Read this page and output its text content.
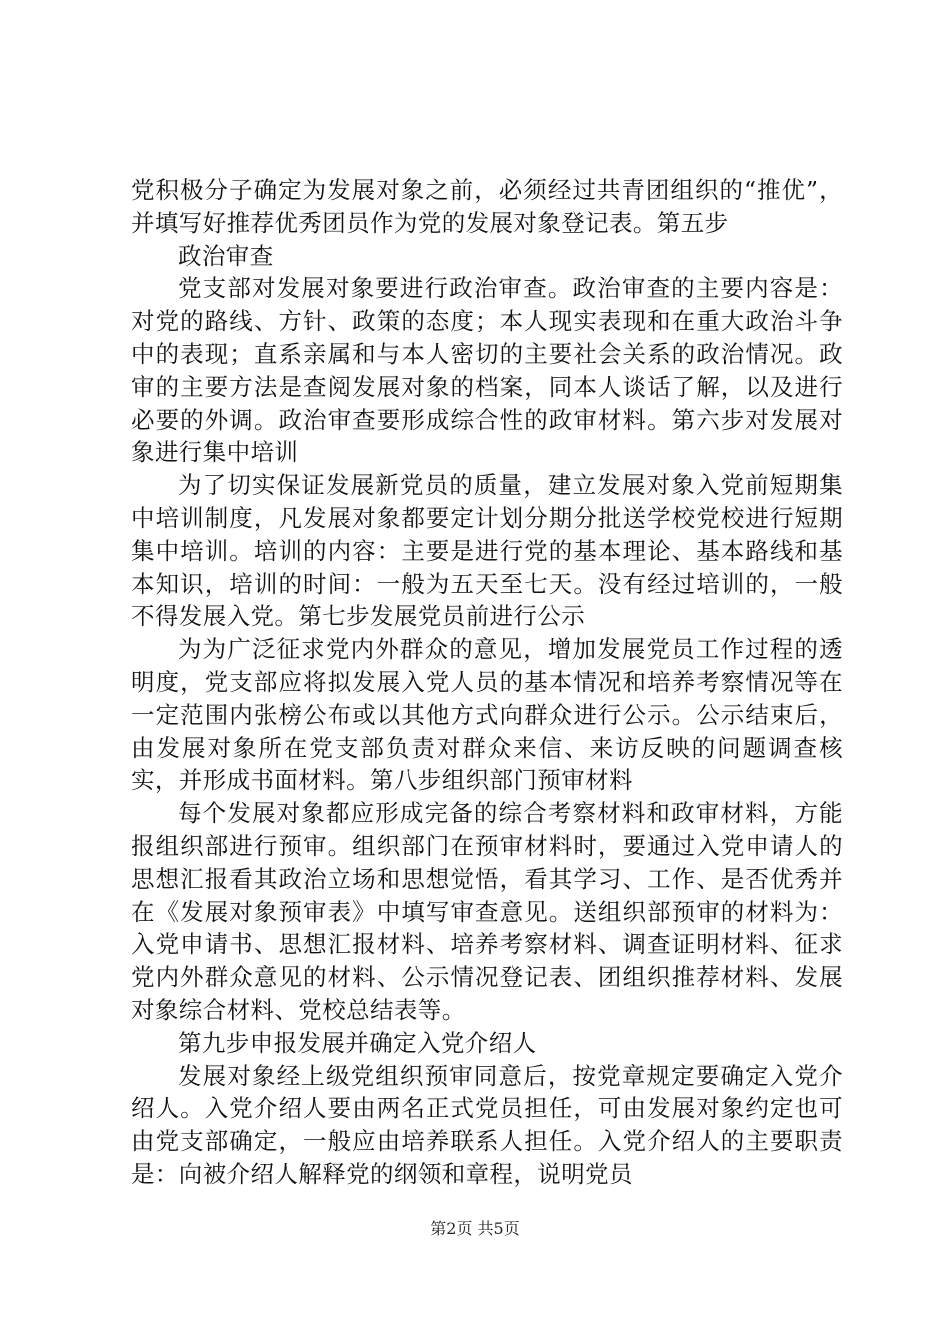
党积极分子确定为发展对象之前，必须经过共青团组织的“推优”，并填写好推荐优秀团员作为党的发展对象登记表。第五步

政治审查

党支部对发展对象要进行政治审查。政治审查的主要内容是：对党的路线、方针、政策的态度；本人现实表现和在重大政治斗争中的表现；直系亲属和与本人密切的主要社会关系的政治情况。政审的主要方法是查阅发展对象的档案，同本人谈话了解，以及进行必要的外调。政治审查要形成综合性的政审材料。第六步对发展对象进行集中培训

为了切实保证发展新党员的质量，建立发展对象入党前短期集中培训制度，凡发展对象都要定计划分期分批送学校党校进行短期集中培训。培训的内容：主要是进行党的基本理论、基本路线和基本知识，培训的时间：一般为五天至七天。没有经过培训的，一般不得发展入党。第七步发展党员前进行公示

为为广泛征求党内外群众的意见，增加发展党员工作过程的透明度，党支部应将拟发展入党人员的基本情况和培养考察情况等在一定范围内张榜公布或以其他方式向群众进行公示。公示结束后，由发展对象所在党支部负责对群众来信、来访反映的问题调查核实，并形成书面材料。第八步组织部门预审材料

每个发展对象都应形成完备的综合考察材料和政审材料，方能报组织部进行预审。组织部门在预审材料时，要通过入党申请人的思想汇报看其政治立场和思想觉悟，看其学习、工作、是否优秀并在《发展对象预审表》中填写审查意见。送组织部预审的材料为：入党申请书、思想汇报材料、培养考察材料、调查证明材料、征求党内外群众意见的材料、公示情况登记表、团组织推荐材料、发展对象综合材料、党校总结表等。

第九步申报发展并确定入党介绍人

发展对象经上级党组织预审同意后，按党章规定要确定入党介绍人。入党介绍人要由两名正式党员担任，可由发展对象约定也可由党支部确定，一般应由培养联系人担任。入党介绍人的主要职责是：向被介绍人解释党的纲领和章程，说明党员

第2页 共5页
